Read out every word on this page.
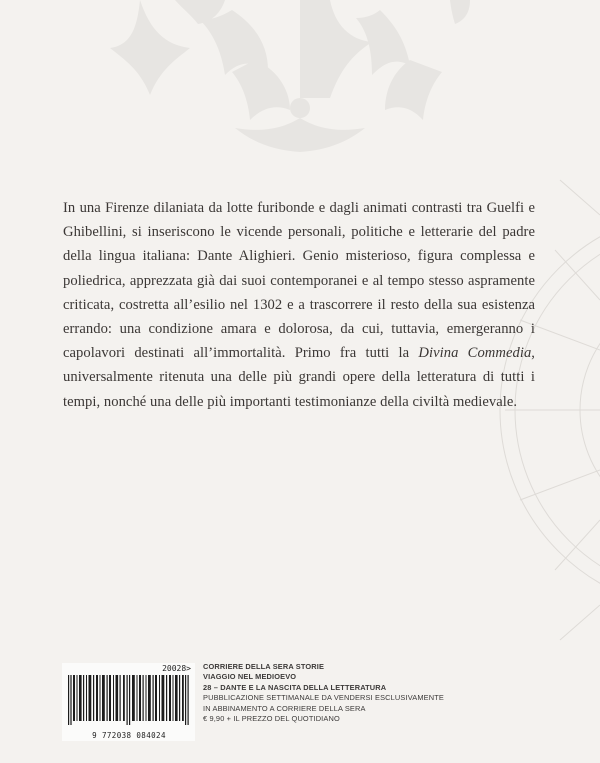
In una Firenze dilaniata da lotte furibonde e dagli animati contrasti tra Guelfi e Ghibellini, si inseriscono le vicende personali, politiche e letterarie del padre della lingua italiana: Dante Alighieri. Genio misterioso, figura complessa e poliedrica, apprezzata già dai suoi contemporanei e al tempo stesso aspramente criticata, costretta all’esilio nel 1302 e a trascorrere il resto della sua esistenza errando: una condizione amara e dolorosa, da cui, tuttavia, emergeranno i capolavori destinati all’immortalità. Primo fra tutti la Divina Commedia, universalmente ritenuta una delle più grandi opere della letteratura di tutti i tempi, nonché una delle più importanti testimonianze della civiltà medievale.

20028>
9 772038 084024
CORRIERE DELLA SERA STORIE
VIAGGIO NEL MEDIOEVO
28 – DANTE E LA NASCITA DELLA LETTERATURA
PUBBLICAZIONE SETTIMANALE DA VENDERSI ESCLUSIVAMENTE
IN ABBINAMENTO A CORRIERE DELLA SERA
€ 9,90 + IL PREZZO DEL QUOTIDIANO
